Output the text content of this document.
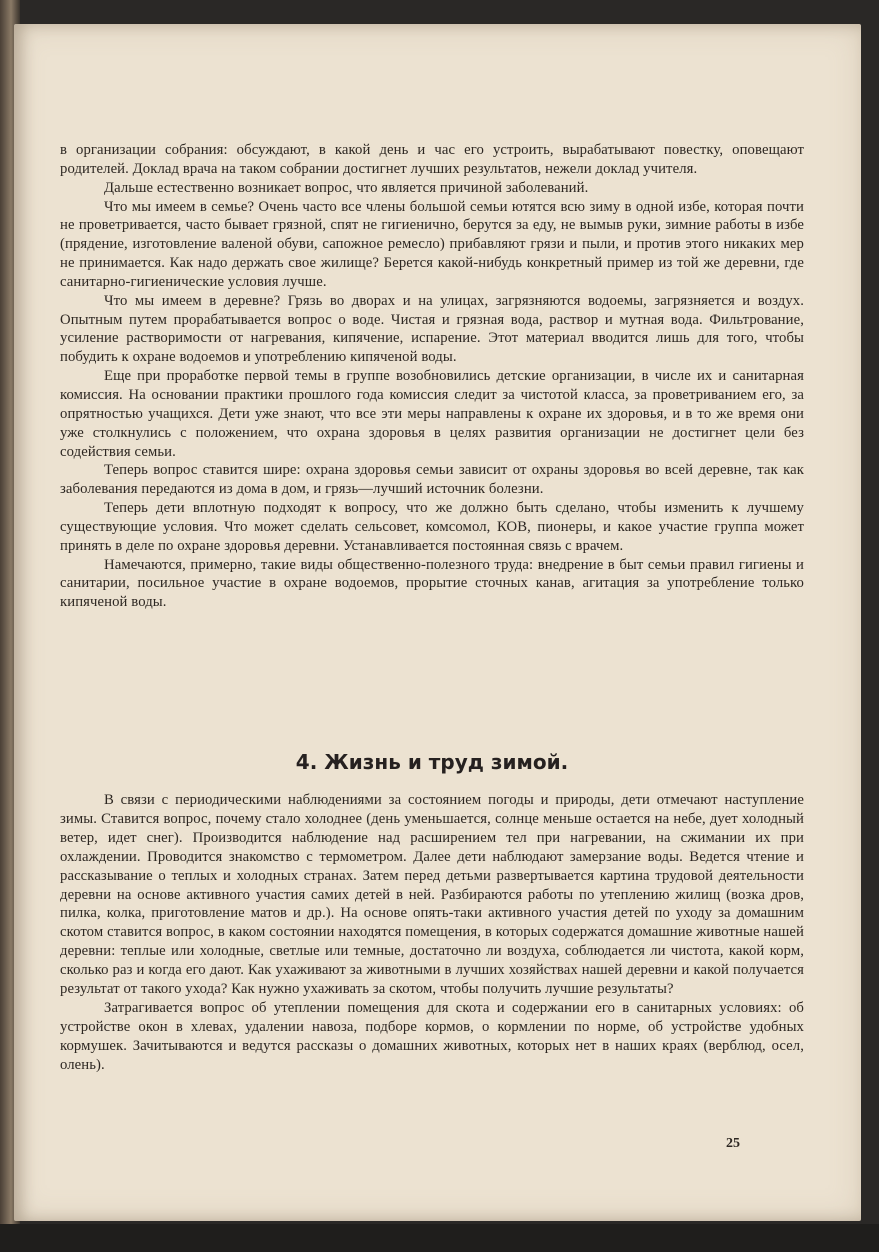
в организации собрания: обсуждают, в какой день и час его устроить, вырабатывают повестку, оповещают родителей. Доклад врача на таком собрании достигнет лучших результатов, нежели доклад учителя.

Дальше естественно возникает вопрос, что является причиной заболеваний.

Что мы имеем в семье? Очень часто все члены большой семьи ютятся всю зиму в одной избе, которая почти не проветривается, часто бывает грязной, спят не гигиенично, берутся за еду, не вымыв руки, зимние работы в избе (прядение, изготовление валеной обуви, сапожное ремесло) прибавляют грязи и пыли, и против этого никаких мер не принимается. Как надо держать свое жилище? Берется какой-нибудь конкретный пример из той же деревни, где санитарно-гигиенические условия лучше.

Что мы имеем в деревне? Грязь во дворах и на улицах, загрязняются водоемы, загрязняется и воздух. Опытным путем прорабатывается вопрос о воде. Чистая и грязная вода, раствор и мутная вода. Фильтрование, усиление растворимости от нагревания, кипячение, испарение. Этот материал вводится лишь для того, чтобы побудить к охране водоемов и употреблению кипяченой воды.

Еще при проработке первой темы в группе возобновились детские организации, в числе их и санитарная комиссия. На основании практики прошлого года комиссия следит за чистотой класса, за проветриванием его, за опрятностью учащихся. Дети уже знают, что все эти меры направлены к охране их здоровья, и в то же время они уже столкнулись с положением, что охрана здоровья в целях развития организации не достигнет цели без содействия семьи.

Теперь вопрос ставится шире: охрана здоровья семьи зависит от охраны здоровья во всей деревне, так как заболевания передаются из дома в дом, и грязь—лучший источник болезни.

Теперь дети вплотную подходят к вопросу, что же должно быть сделано, чтобы изменить к лучшему существующие условия. Что может сделать сельсовет, комсомол, КОВ, пионеры, и какое участие группа может принять в деле по охране здоровья деревни. Устанавливается постоянная связь с врачем.

Намечаются, примерно, такие виды общественно-полезного труда: внедрение в быт семьи правил гигиены и санитарии, посильное участие в охране водоемов, прорытие сточных канав, агитация за употребление только кипяченой воды.

4. Жизнь и труд зимой.

В связи с периодическими наблюдениями за состоянием погоды и природы, дети отмечают наступление зимы. Ставится вопрос, почему стало холоднее (день уменьшается, солнце меньше остается на небе, дует холодный ветер, идет снег). Производится наблюдение над расширением тел при нагревании, на сжимании их при охлаждении. Проводится знакомство с термометром. Далее дети наблюдают замерзание воды. Ведется чтение и рассказывание о теплых и холодных странах. Затем перед детьми развертывается картина трудовой деятельности деревни на основе активного участия самих детей в ней. Разбираются работы по утеплению жилищ (возка дров, пилка, колка, приготовление матов и др.). На основе опять-таки активного участия детей по уходу за домашним скотом ставится вопрос, в каком состоянии находятся помещения, в которых содержатся домашние животные нашей деревни: теплые или холодные, светлые или темные, достаточно ли воздуха, соблюдается ли чистота, какой корм, сколько раз и когда его дают. Как ухаживают за животными в лучших хозяйствах нашей деревни и какой получается результат от такого ухода? Как нужно ухаживать за скотом, чтобы получить лучшие результаты?

Затрагивается вопрос об утеплении помещения для скота и содержании его в санитарных условиях: об устройстве окон в хлевах, удалении навоза, подборе кормов, о кормлении по норме, об устройстве удобных кормушек. Зачитываются и ведутся рассказы о домашних животных, которых нет в наших краях (верблюд, осел, олень).

25
